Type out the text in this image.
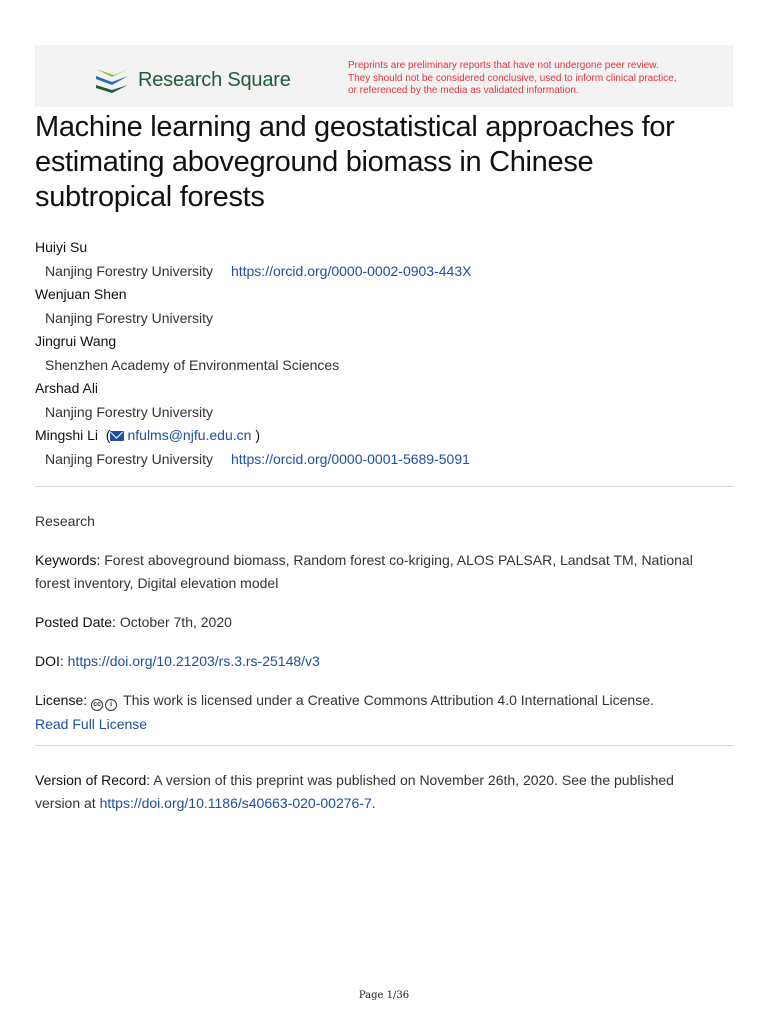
Research Square
Preprints are preliminary reports that have not undergone peer review.
They should not be considered conclusive, used to inform clinical practice,
or referenced by the media as validated information.
Machine learning and geostatistical approaches for
estimating aboveground biomass in Chinese
subtropical forests
Huiyi Su
Nanjing Forestry University https://orcid.org/0000-0002-0903-443X
Wenjuan Shen
Nanjing Forestry University
Jingrui Wang
Shenzhen Academy of Environmental Sciences
Arshad Ali
Nanjing Forestry University
Mingshi Li  ( nfulms@njfu.edu.cn )
Nanjing Forestry University https://orcid.org/0000-0001-5689-5091
Research
Keywords: Forest aboveground biomass, Random forest co-kriging, ALOS PALSAR, Landsat TM, National
forest inventory, Digital elevation model
Posted Date: October 7th, 2020
DOI: https://doi.org/10.21203/rs.3.rs-25148/v3
License: cc i This work is licensed under a Creative Commons Attribution 4.0 International License.
Read Full License
Version of Record: A version of this preprint was published on November 26th, 2020. See the published
version at https://doi.org/10.1186/s40663-020-00276-7.
Page 1/36
